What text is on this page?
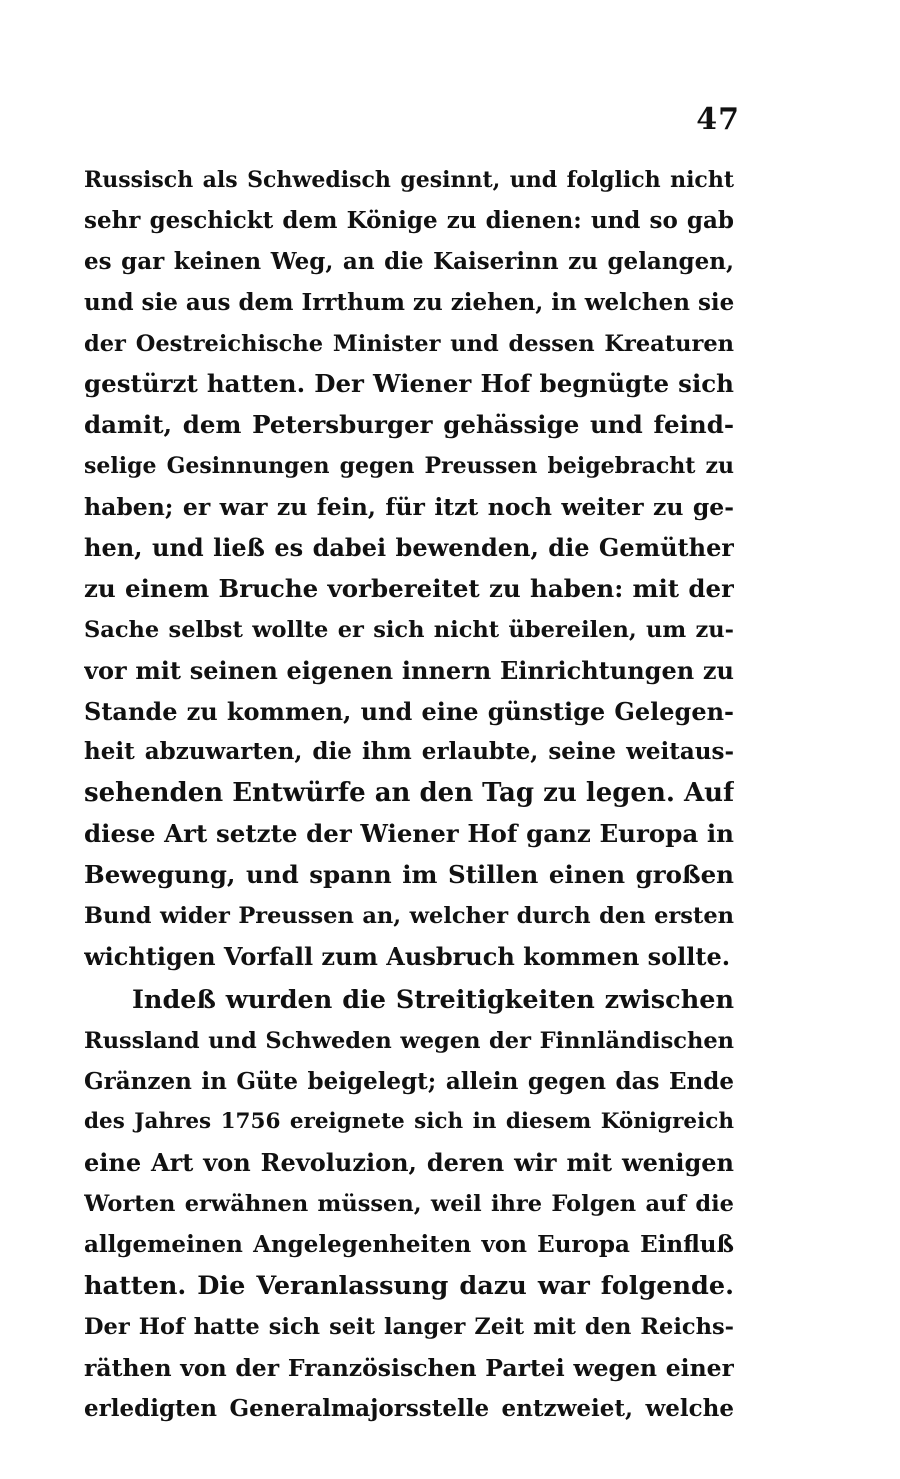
47
Russisch als Schwedisch gesinnt, und folglich nicht
sehr geschickt dem Könige zu dienen: und so gab
es gar keinen Weg, an die Kaiserinn zu gelangen,
und sie aus dem Irrthum zu ziehen, in welchen sie
der Oestreichische Minister und dessen Kreaturen
gestürzt hatten. Der Wiener Hof begnügte sich
damit, dem Petersburger gehässige und feind-
selige Gesinnungen gegen Preussen beigebracht zu
haben; er war zu fein, für itzt noch weiter zu ge-
hen, und ließ es dabei bewenden, die Gemüther
zu einem Bruche vorbereitet zu haben: mit der
Sache selbst wollte er sich nicht übereilen, um zu-
vor mit seinen eigenen innern Einrichtungen zu
Stande zu kommen, und eine günstige Gelegen-
heit abzuwarten, die ihm erlaubte, seine weitaus-
sehenden Entwürfe an den Tag zu legen. Auf
diese Art setzte der Wiener Hof ganz Europa in
Bewegung, und spann im Stillen einen großen
Bund wider Preussen an, welcher durch den ersten
wichtigen Vorfall zum Ausbruch kommen sollte.
Indeß wurden die Streitigkeiten zwischen
Russland und Schweden wegen der Finnländischen
Gränzen in Güte beigelegt; allein gegen das Ende
des Jahres 1756 ereignete sich in diesem Königreich
eine Art von Revoluzion, deren wir mit wenigen
Worten erwähnen müssen, weil ihre Folgen auf die
allgemeinen Angelegenheiten von Europa Einfluß
hatten. Die Veranlassung dazu war folgende.
Der Hof hatte sich seit langer Zeit mit den Reichs-
räthen von der Französischen Partei wegen einer
erledigten Generalmajorsstelle entzweiet, welche
